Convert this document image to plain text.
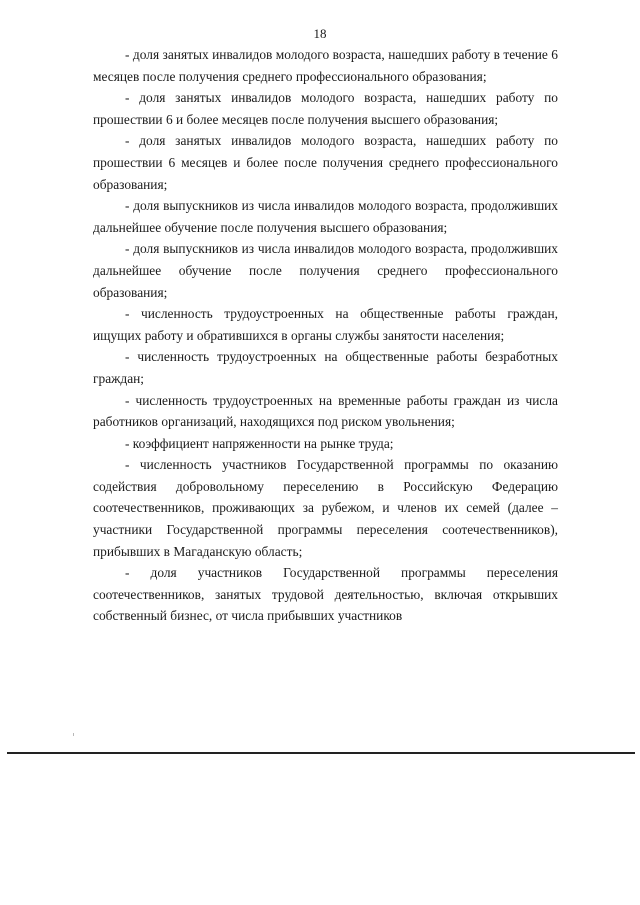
18

- доля занятых инвалидов молодого возраста, нашедших работу в течение 6 месяцев после получения среднего профессионального образования;

- доля занятых инвалидов молодого возраста, нашедших работу по прошествии 6 и более месяцев после получения высшего образования;

- доля занятых инвалидов молодого возраста, нашедших работу по прошествии 6 месяцев и более после получения среднего профессионального образования;

- доля выпускников из числа инвалидов молодого возраста, продолживших дальнейшее обучение после получения высшего образования;

- доля выпускников из числа инвалидов молодого возраста, продолживших дальнейшее обучение после получения среднего профессионального образования;

- численность трудоустроенных на общественные работы граждан, ищущих работу и обратившихся в органы службы занятости населения;

- численность трудоустроенных на общественные работы безработных граждан;

- численность трудоустроенных на временные работы граждан из числа работников организаций, находящихся под риском увольнения;

- коэффициент напряженности на рынке труда;

- численность участников Государственной программы по оказанию содействия добровольному переселению в Российскую Федерацию соотечественников, проживающих за рубежом, и членов их семей (далее – участники Государственной программы переселения соотечественников), прибывших в Магаданскую область;

- доля участников Государственной программы переселения соотечественников, занятых трудовой деятельностью, включая открывших собственный бизнес, от числа прибывших участников
